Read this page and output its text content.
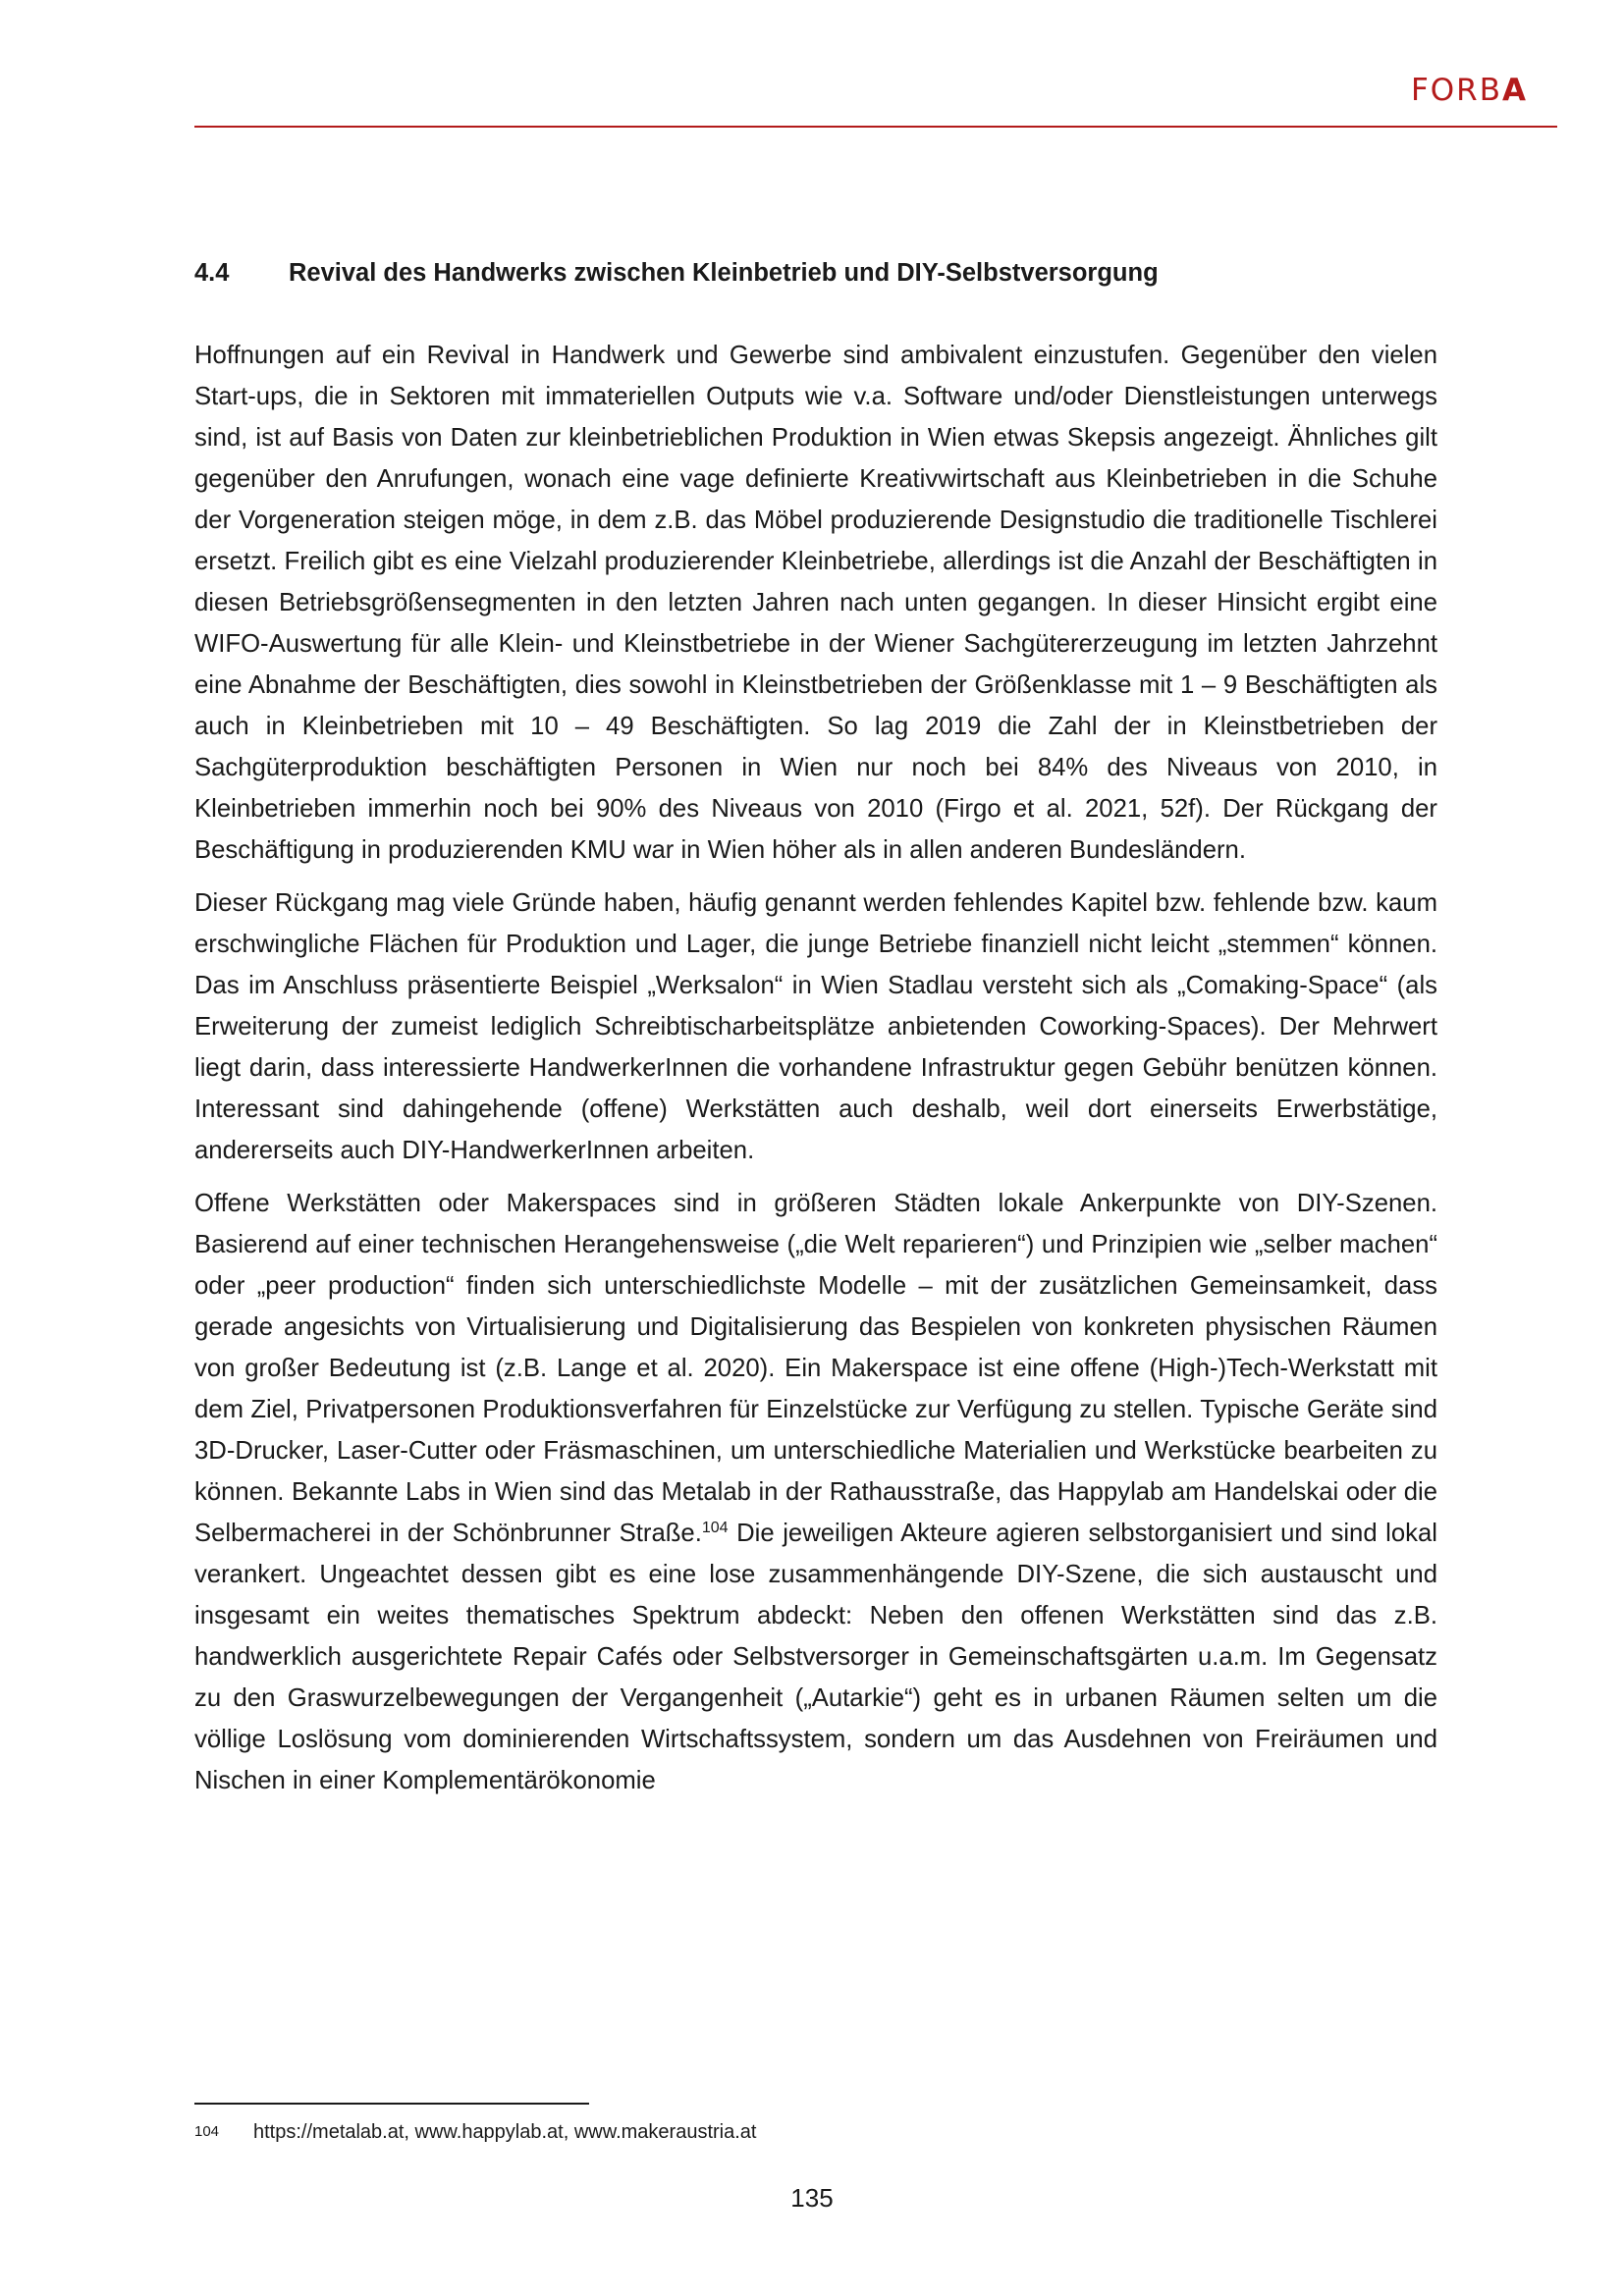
FORBA
4.4	Revival des Handwerks zwischen Kleinbetrieb und DIY-Selbstversorgung

Hoffnungen auf ein Revival in Handwerk und Gewerbe sind ambivalent einzustufen. Gegenüber den vielen Start-ups, die in Sektoren mit immateriellen Outputs wie v.a. Software und/oder Dienstleistungen unterwegs sind, ist auf Basis von Daten zur kleinbetrieblichen Produktion in Wien etwas Skepsis angezeigt. Ähnliches gilt gegenüber den Anrufungen, wonach eine vage definierte Kreativwirtschaft aus Kleinbetrieben in die Schuhe der Vorgeneration steigen möge, in dem z.B. das Möbel produzierende Designstudio die traditionelle Tischlerei ersetzt. Freilich gibt es eine Vielzahl produzierender Kleinbetriebe, allerdings ist die Anzahl der Beschäftigten in diesen Betriebsgrößensegmenten in den letzten Jahren nach unten gegangen. In dieser Hinsicht ergibt eine WIFO-Auswertung für alle Klein- und Kleinstbetriebe in der Wiener Sachgütererzeugung im letzten Jahrzehnt eine Abnahme der Beschäftigten, dies sowohl in Kleinstbetrieben der Größenklasse mit 1 – 9 Beschäftigten als auch in Kleinbetrieben mit 10 – 49 Beschäftigten. So lag 2019 die Zahl der in Kleinstbetrieben der Sachgüterproduktion beschäftigten Personen in Wien nur noch bei 84% des Niveaus von 2010, in Kleinbetrieben immerhin noch bei 90% des Niveaus von 2010 (Firgo et al. 2021, 52f). Der Rückgang der Beschäftigung in produzierenden KMU war in Wien höher als in allen anderen Bundesländern.

Dieser Rückgang mag viele Gründe haben, häufig genannt werden fehlendes Kapitel bzw. fehlende bzw. kaum erschwingliche Flächen für Produktion und Lager, die junge Betriebe finanziell nicht leicht „stemmen“ können. Das im Anschluss präsentierte Beispiel „Werksalon“ in Wien Stadlau versteht sich als „Comaking-Space“ (als Erweiterung der zumeist lediglich Schreibtischarbeitsplätze anbietenden Coworking-Spaces). Der Mehrwert liegt darin, dass interessierte HandwerkerInnen die vorhandene Infrastruktur gegen Gebühr benützen können. Interessant sind dahingehende (offene) Werkstätten auch deshalb, weil dort einerseits Erwerbstätige, andererseits auch DIY-HandwerkerInnen arbeiten.

Offene Werkstätten oder Makerspaces sind in größeren Städten lokale Ankerpunkte von DIY-Szenen. Basierend auf einer technischen Herangehensweise („die Welt reparieren“) und Prinzipien wie „selber machen“ oder „peer production“ finden sich unterschiedlichste Modelle – mit der zusätzlichen Gemeinsamkeit, dass gerade angesichts von Virtualisierung und Digitalisierung das Bespielen von konkreten physischen Räumen von großer Bedeutung ist (z.B. Lange et al. 2020). Ein Makerspace ist eine offene (High-)Tech-Werkstatt mit dem Ziel, Privatpersonen Produktionsverfahren für Einzelstücke zur Verfügung zu stellen. Typische Geräte sind 3D-Drucker, Laser-Cutter oder Fräsmaschinen, um unterschiedliche Materialien und Werkstücke bearbeiten zu können. Bekannte Labs in Wien sind das Metalab in der Rathausstraße, das Happylab am Handelskai oder die Selbermacherei in der Schönbrunner Straße.$^{104}$ Die jeweiligen Akteure agieren selbstorganisiert und sind lokal verankert. Ungeachtet dessen gibt es eine lose zusammenhängende DIY-Szene, die sich austauscht und insgesamt ein weites thematisches Spektrum abdeckt: Neben den offenen Werkstätten sind das z.B. handwerklich ausgerichtete Repair Cafés oder Selbstversorger in Gemeinschaftsgärten u.a.m. Im Gegensatz zu den Graswurzelbewegungen der Vergangenheit („Autarkie“) geht es in urbanen Räumen selten um die völlige Loslösung vom dominierenden Wirtschaftssystem, sondern um das Ausdehnen von Freiräumen und Nischen in einer Komplementärökonomie

104	https://metalab.at, www.happylab.at, www.makeraustria.at
135
